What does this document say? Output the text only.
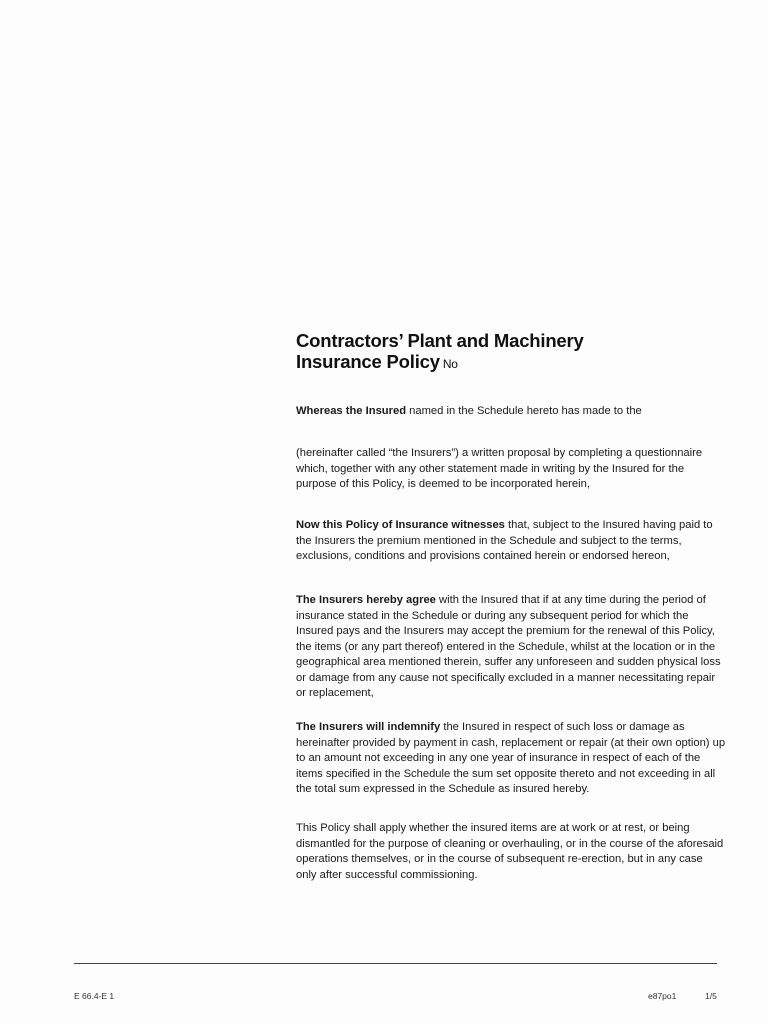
Contractors’ Plant and Machinery
Insurance Policy No

Whereas the Insured named in the Schedule hereto has made to the

(hereinafter called “the Insurers”) a written proposal by completing a questionnaire which, together with any other statement made in writing by the Insured for the purpose of this Policy, is deemed to be incorporated herein,

Now this Policy of Insurance witnesses that, subject to the Insured having paid to the Insurers the premium mentioned in the Schedule and subject to the terms, exclusions, conditions and provisions contained herein or endorsed hereon,

The Insurers hereby agree with the Insured that if at any time during the period of insurance stated in the Schedule or during any subsequent period for which the Insured pays and the Insurers may accept the premium for the renewal of this Policy, the items (or any part thereof) entered in the Schedule, whilst at the location or in the geographical area mentioned therein, suffer any unforeseen and sudden physical loss or damage from any cause not specifically excluded in a manner necessitating repair or replacement,

The Insurers will indemnify the Insured in respect of such loss or damage as hereinafter provided by payment in cash, replacement or repair (at their own option) up to an amount not exceeding in any one year of insurance in respect of each of the items specified in the Schedule the sum set opposite thereto and not exceeding in all the total sum expressed in the Schedule as insured hereby.

This Policy shall apply whether the insured items are at work or at rest, or being dismantled for the purpose of cleaning or overhauling, or in the course of the aforesaid operations themselves, or in the course of subsequent re-erection, but in any case only after successful commissioning.

E 66.4-E 1	e87po1	1/5
